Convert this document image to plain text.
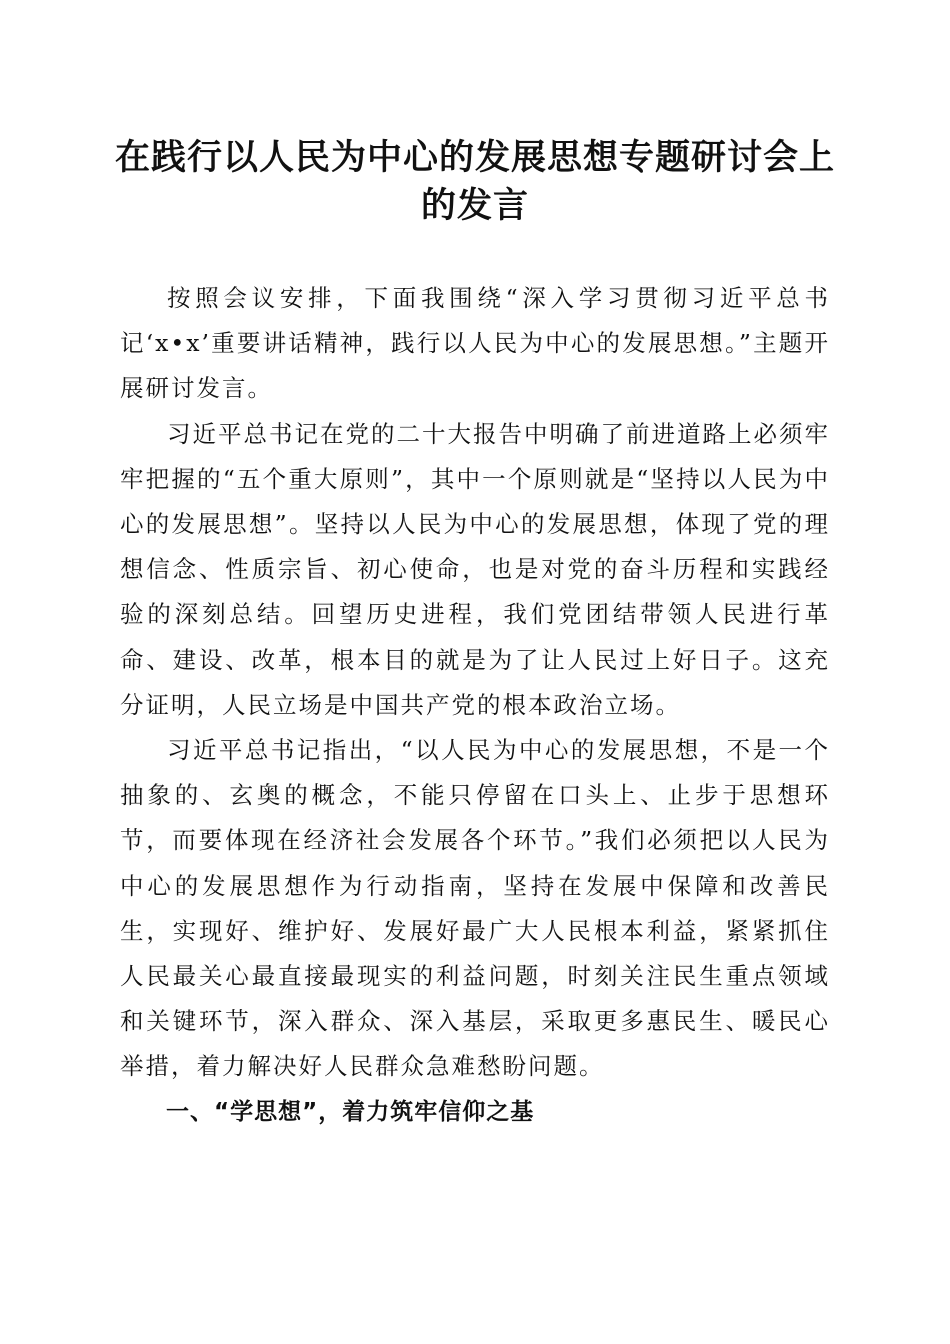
在践行以人民为中心的发展思想专题研讨会上
的发言

按照会议安排，下面我围绕“深入学习贯彻习近平总书记‘x•x’重要讲话精神，践行以人民为中心的发展思想。”主题开展研讨发言。

习近平总书记在党的二十大报告中明确了前进道路上必须牢牢把握的“五个重大原则”，其中一个原则就是“坚持以人民为中心的发展思想”。坚持以人民为中心的发展思想，体现了党的理想信念、性质宗旨、初心使命，也是对党的奋斗历程和实践经验的深刻总结。回望历史进程，我们党团结带领人民进行革命、建设、改革，根本目的就是为了让人民过上好日子。这充分证明，人民立场是中国共产党的根本政治立场。

习近平总书记指出，“以人民为中心的发展思想，不是一个抽象的、玄奥的概念，不能只停留在口头上、止步于思想环节，而要体现在经济社会发展各个环节。”我们必须把以人民为中心的发展思想作为行动指南，坚持在发展中保障和改善民生，实现好、维护好、发展好最广大人民根本利益，紧紧抓住人民最关心最直接最现实的利益问题，时刻关注民生重点领域和关键环节，深入群众、深入基层，采取更多惠民生、暖民心举措，着力解决好人民群众急难愁盼问题。

一、“学思想”，着力筑牢信仰之基
